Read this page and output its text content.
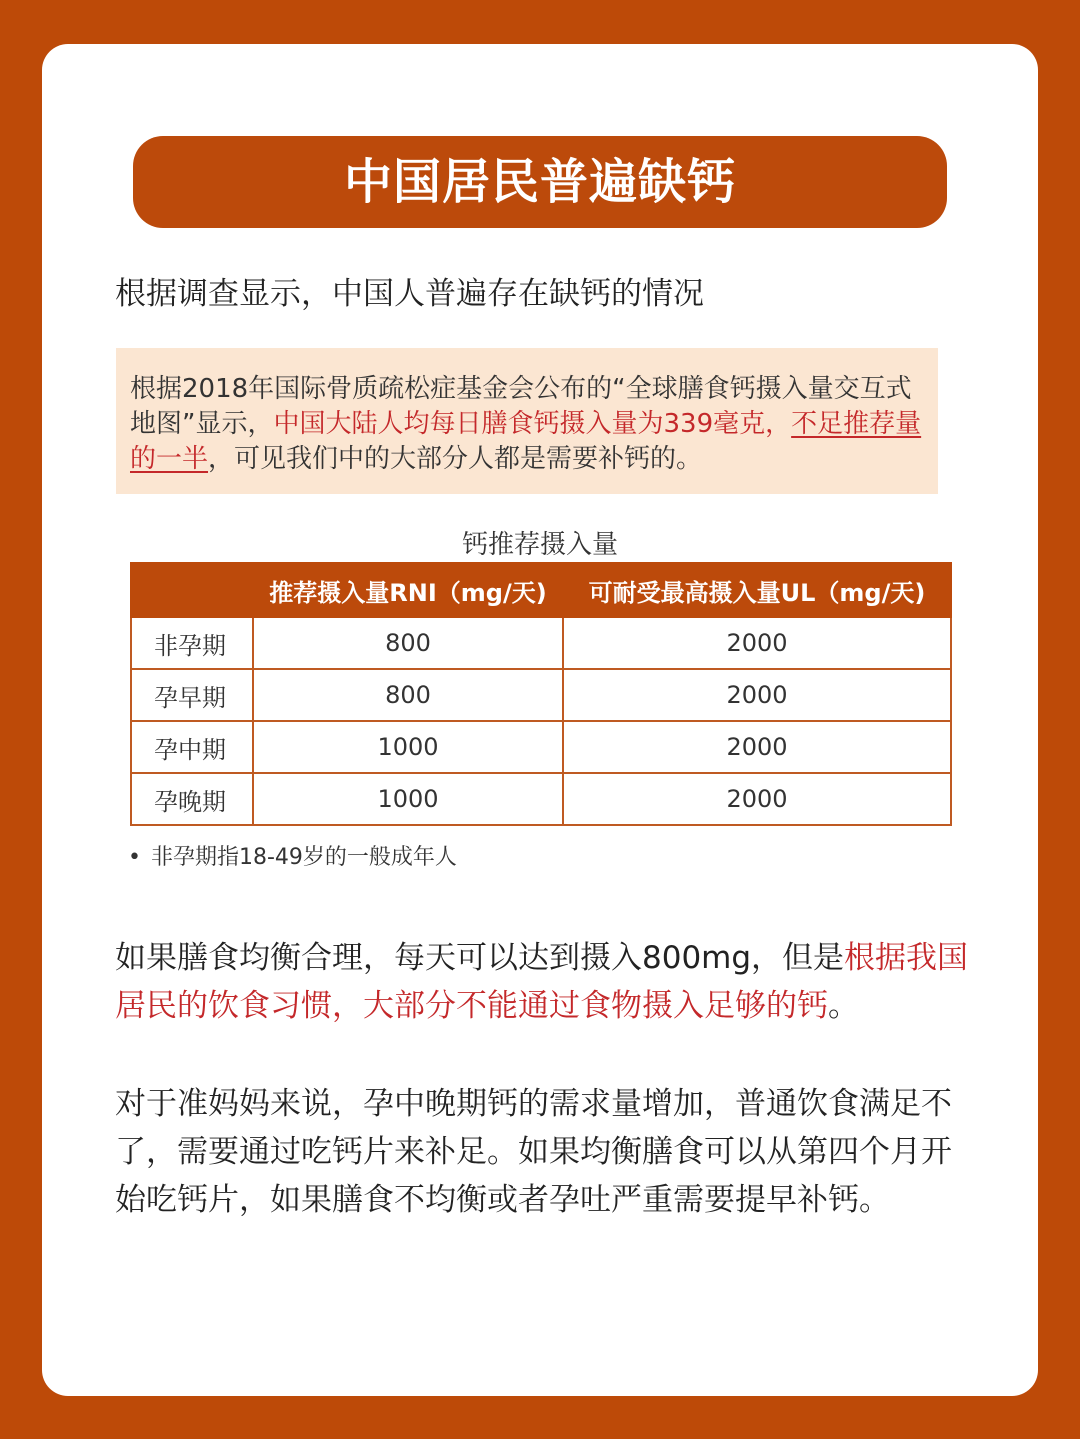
中国居民普遍缺钙
根据调查显示，中国人普遍存在缺钙的情况
根据2018年国际骨质疏松症基金会公布的“全球膳食钙摄入量交互式地图”显示，中国大陆人均每日膳食钙摄入量为339毫克，不足推荐量的一半，可见我们中的大部分人都是需要补钙的。
钙推荐摄入量
	推荐摄入量RNI（mg/天)	可耐受最高摄入量UL（mg/天)
非孕期	800	2000
孕早期	800	2000
孕中期	1000	2000
孕晚期	1000	2000
• 非孕期指18-49岁的一般成年人
如果膳食均衡合理，每天可以达到摄入800mg，但是根据我国居民的饮食习惯，大部分不能通过食物摄入足够的钙。
对于准妈妈来说，孕中晚期钙的需求量增加，普通饮食满足不了，需要通过吃钙片来补足。如果均衡膳食可以从第四个月开始吃钙片，如果膳食不均衡或者孕吐严重需要提早补钙。
